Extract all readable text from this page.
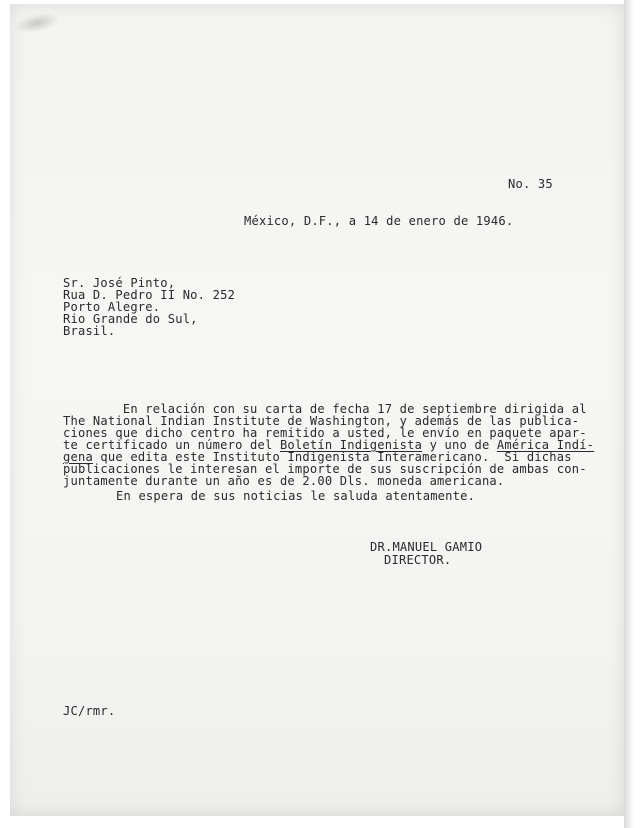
No. 35
México, D.F., a 14 de enero de 1946.
Sr. José Pinto,
Rua D. Pedro II No. 252
Porto Alegre.
Rio Grande do Sul,
Brasil.

En relación con su carta de fecha 17 de septiembre dirigida al
The National Indian Institute de Washington, y además de las publica-
ciones que dicho centro ha remitido a usted, le envío en paquete apar-
te certificado un número del Boletín Indigenista y uno de América Indí-
gena que edita este Instituto Indigenista Interamericano.  Si dichas
publicaciones le interesan el importe de sus suscripción de ambas con-
juntamente durante un año es de 2.00 Dls. moneda americana.
En espera de sus noticias le saluda atentamente.
DR.MANUEL GAMIO
DIRECTOR.
JC/rmr.
